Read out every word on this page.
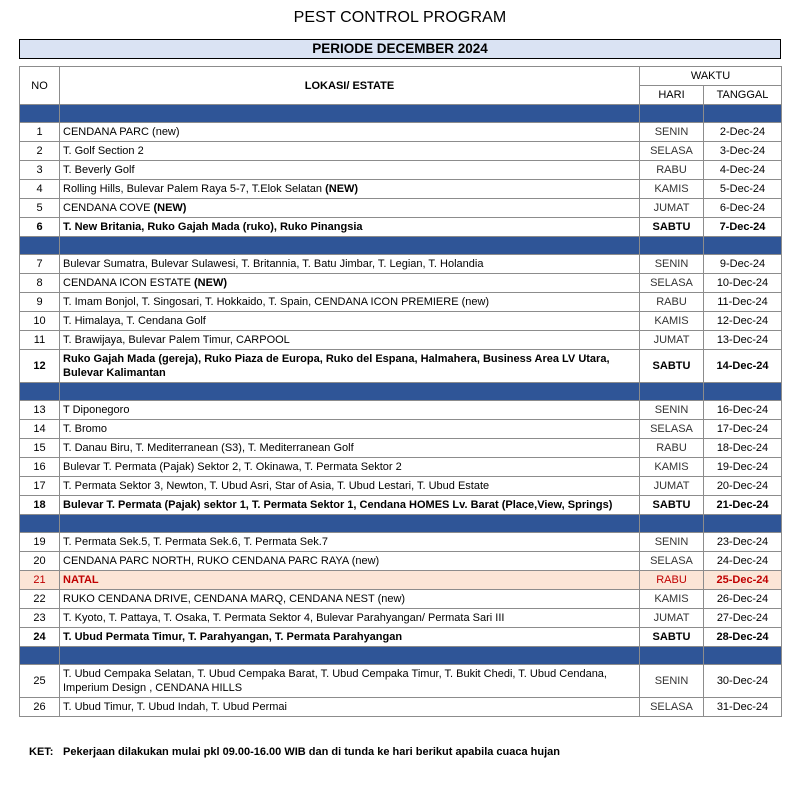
PEST CONTROL PROGRAM
PERIODE DECEMBER 2024
NO	LOKASI/ ESTATE	WAKTU	
		HARI	TANGGAL

1	CENDANA PARC (new)	SENIN	2-Dec-24
2	T. Golf Section 2	SELASA	3-Dec-24
3	T. Beverly Golf	RABU	4-Dec-24
4	Rolling Hills, Bulevar Palem Raya 5-7, T.Elok Selatan (NEW)	KAMIS	5-Dec-24
5	CENDANA COVE (NEW)	JUMAT	6-Dec-24
6	T. New Britania, Ruko Gajah Mada (ruko), Ruko Pinangsia	SABTU	7-Dec-24

7	Bulevar Sumatra, Bulevar Sulawesi, T. Britannia, T. Batu Jimbar, T. Legian, T. Holandia	SENIN	9-Dec-24
8	CENDANA ICON ESTATE (NEW)	SELASA	10-Dec-24
9	T. Imam Bonjol, T. Singosari, T. Hokkaido, T. Spain, CENDANA ICON PREMIERE (new)	RABU	11-Dec-24
10	T. Himalaya, T. Cendana Golf	KAMIS	12-Dec-24
11	T. Brawijaya, Bulevar Palem Timur, CARPOOL	JUMAT	13-Dec-24
12	Ruko Gajah Mada (gereja), Ruko Piaza de Europa, Ruko del Espana, Halmahera, Business Area LV Utara, Bulevar Kalimantan	SABTU	14-Dec-24

13	T Diponegoro	SENIN	16-Dec-24
14	T. Bromo	SELASA	17-Dec-24
15	T. Danau Biru, T. Mediterranean (S3), T. Mediterranean Golf	RABU	18-Dec-24
16	Bulevar T. Permata (Pajak) Sektor 2, T. Okinawa, T. Permata Sektor 2	KAMIS	19-Dec-24
17	T. Permata Sektor 3, Newton, T. Ubud Asri, Star of Asia, T. Ubud Lestari, T. Ubud Estate	JUMAT	20-Dec-24
18	Bulevar T. Permata (Pajak) sektor 1, T. Permata Sektor 1, Cendana HOMES Lv. Barat (Place,View, Springs)	SABTU	21-Dec-24

19	T. Permata Sek.5, T. Permata Sek.6, T. Permata Sek.7	SENIN	23-Dec-24
20	CENDANA PARC NORTH, RUKO CENDANA PARC RAYA (new)	SELASA	24-Dec-24
21	NATAL	RABU	25-Dec-24
22	RUKO CENDANA DRIVE, CENDANA MARQ, CENDANA NEST (new)	KAMIS	26-Dec-24
23	T. Kyoto, T. Pattaya, T. Osaka, T. Permata Sektor 4, Bulevar Parahyangan/ Permata Sari III	JUMAT	27-Dec-24
24	T. Ubud Permata Timur, T. Parahyangan, T. Permata Parahyangan	SABTU	28-Dec-24

25	T. Ubud Cempaka Selatan, T. Ubud Cempaka Barat, T. Ubud Cempaka Timur, T. Bukit Chedi, T. Ubud Cendana, Imperium Design , CENDANA HILLS	SENIN	30-Dec-24
26	T. Ubud Timur, T. Ubud Indah, T. Ubud Permai	SELASA	31-Dec-24
KET: Pekerjaan dilakukan mulai pkl 09.00-16.00 WIB dan di tunda ke hari berikut apabila cuaca hujan
